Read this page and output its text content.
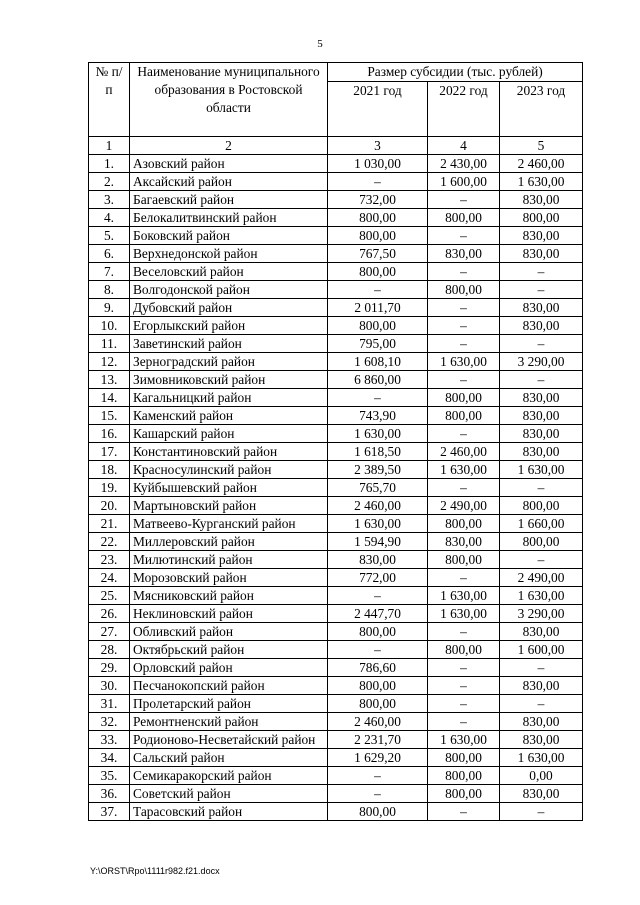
5
№ п/п	Наименование муниципального образования в Ростовской области	Размер субсидии (тыс. рублей)		
		2021 год	2022 год	2023 год
1	2	3	4	5
1.	Азовский район	1 030,00	2 430,00	2 460,00
2.	Аксайский район	–	1 600,00	1 630,00
3.	Багаевский район	732,00	–	830,00
4.	Белокалитвинский район	800,00	800,00	800,00
5.	Боковский район	800,00	–	830,00
6.	Верхнедонской район	767,50	830,00	830,00
7.	Веселовский район	800,00	–	–
8.	Волгодонской район	–	800,00	–
9.	Дубовский район	2 011,70	–	830,00
10.	Егорлыкский район	800,00	–	830,00
11.	Заветинский район	795,00	–	–
12.	Зерноградский район	1 608,10	1 630,00	3 290,00
13.	Зимовниковский район	6 860,00	–	–
14.	Кагальницкий район	–	800,00	830,00
15.	Каменский район	743,90	800,00	830,00
16.	Кашарский район	1 630,00	–	830,00
17.	Константиновский район	1 618,50	2 460,00	830,00
18.	Красносулинский район	2 389,50	1 630,00	1 630,00
19.	Куйбышевский район	765,70	–	–
20.	Мартыновский район	2 460,00	2 490,00	800,00
21.	Матвеево-Курганский район	1 630,00	800,00	1 660,00
22.	Миллеровский район	1 594,90	830,00	800,00
23.	Милютинский район	830,00	800,00	–
24.	Морозовский район	772,00	–	2 490,00
25.	Мясниковский район	–	1 630,00	1 630,00
26.	Неклиновский район	2 447,70	1 630,00	3 290,00
27.	Обливский район	800,00	–	830,00
28.	Октябрьский район	–	800,00	1 600,00
29.	Орловский район	786,60	–	–
30.	Песчанокопский район	800,00	–	830,00
31.	Пролетарский район	800,00	–	–
32.	Ремонтненский район	2 460,00	–	830,00
33.	Родионово-Несветайский район	2 231,70	1 630,00	830,00
34.	Сальский район	1 629,20	800,00	1 630,00
35.	Семикаракорский район	–	800,00	0,00
36.	Советский район	–	800,00	830,00
37.	Тарасовский район	800,00	–	–
Y:\ORST\Rpo\1111r982.f21.docx
